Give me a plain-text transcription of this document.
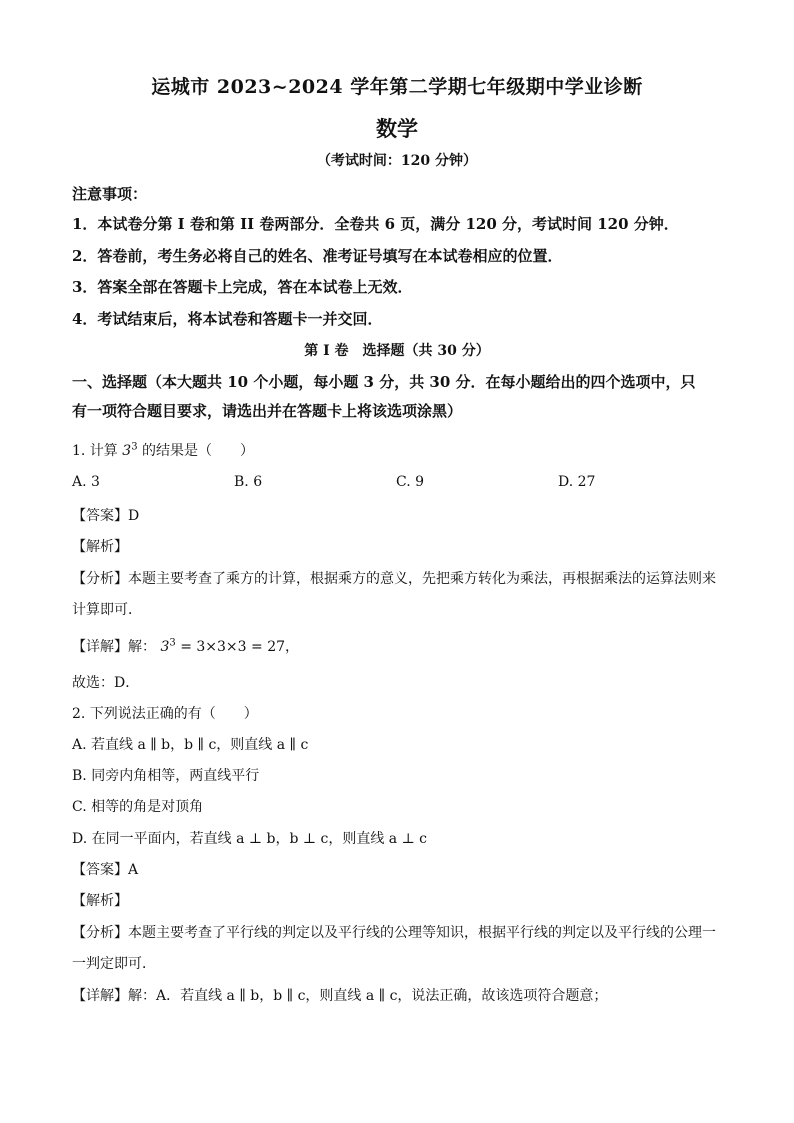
运城市 2023~2024 学年第二学期七年级期中学业诊断
数学
（考试时间：120 分钟）
注意事项：
1．本试卷分第 I 卷和第 II 卷两部分．全卷共 6 页，满分 120 分，考试时间 120 分钟．
2．答卷前，考生务必将自己的姓名、准考证号填写在本试卷相应的位置．
3．答案全部在答题卡上完成，答在本试卷上无效．
4．考试结束后，将本试卷和答题卡一并交回．
第 I 卷　选择题（共 30 分）
一、选择题（本大题共 10 个小题，每小题 3 分，共 30 分．在每小题给出的四个选项中，只
有一项符合题目要求，请选出并在答题卡上将该选项涂黑）
1. 计算 $3^3$ 的结果是（　　）
A. 3	B. 6	C. 9	D. 27
【答案】D
【解析】
【分析】本题主要考查了乘方的计算，根据乘方的意义，先把乘方转化为乘法，再根据乘法的运算法则来
计算即可．
【详解】解： $3^3 = 3\times 3\times 3 = 27$，
故选：D．
2. 下列说法正确的有（　　）
A. 若直线 a ∥ b，b ∥ c，则直线 a ∥ c
B. 同旁内角相等，两直线平行
C. 相等的角是对顶角
D. 在同一平面内，若直线 a ⊥ b，b ⊥ c，则直线 a ⊥ c
【答案】A
【解析】
【分析】本题主要考查了平行线的判定以及平行线的公理等知识，根据平行线的判定以及平行线的公理一
一判定即可．
【详解】解：A．若直线 a ∥ b，b ∥ c，则直线 a ∥ c，说法正确，故该选项符合题意；
